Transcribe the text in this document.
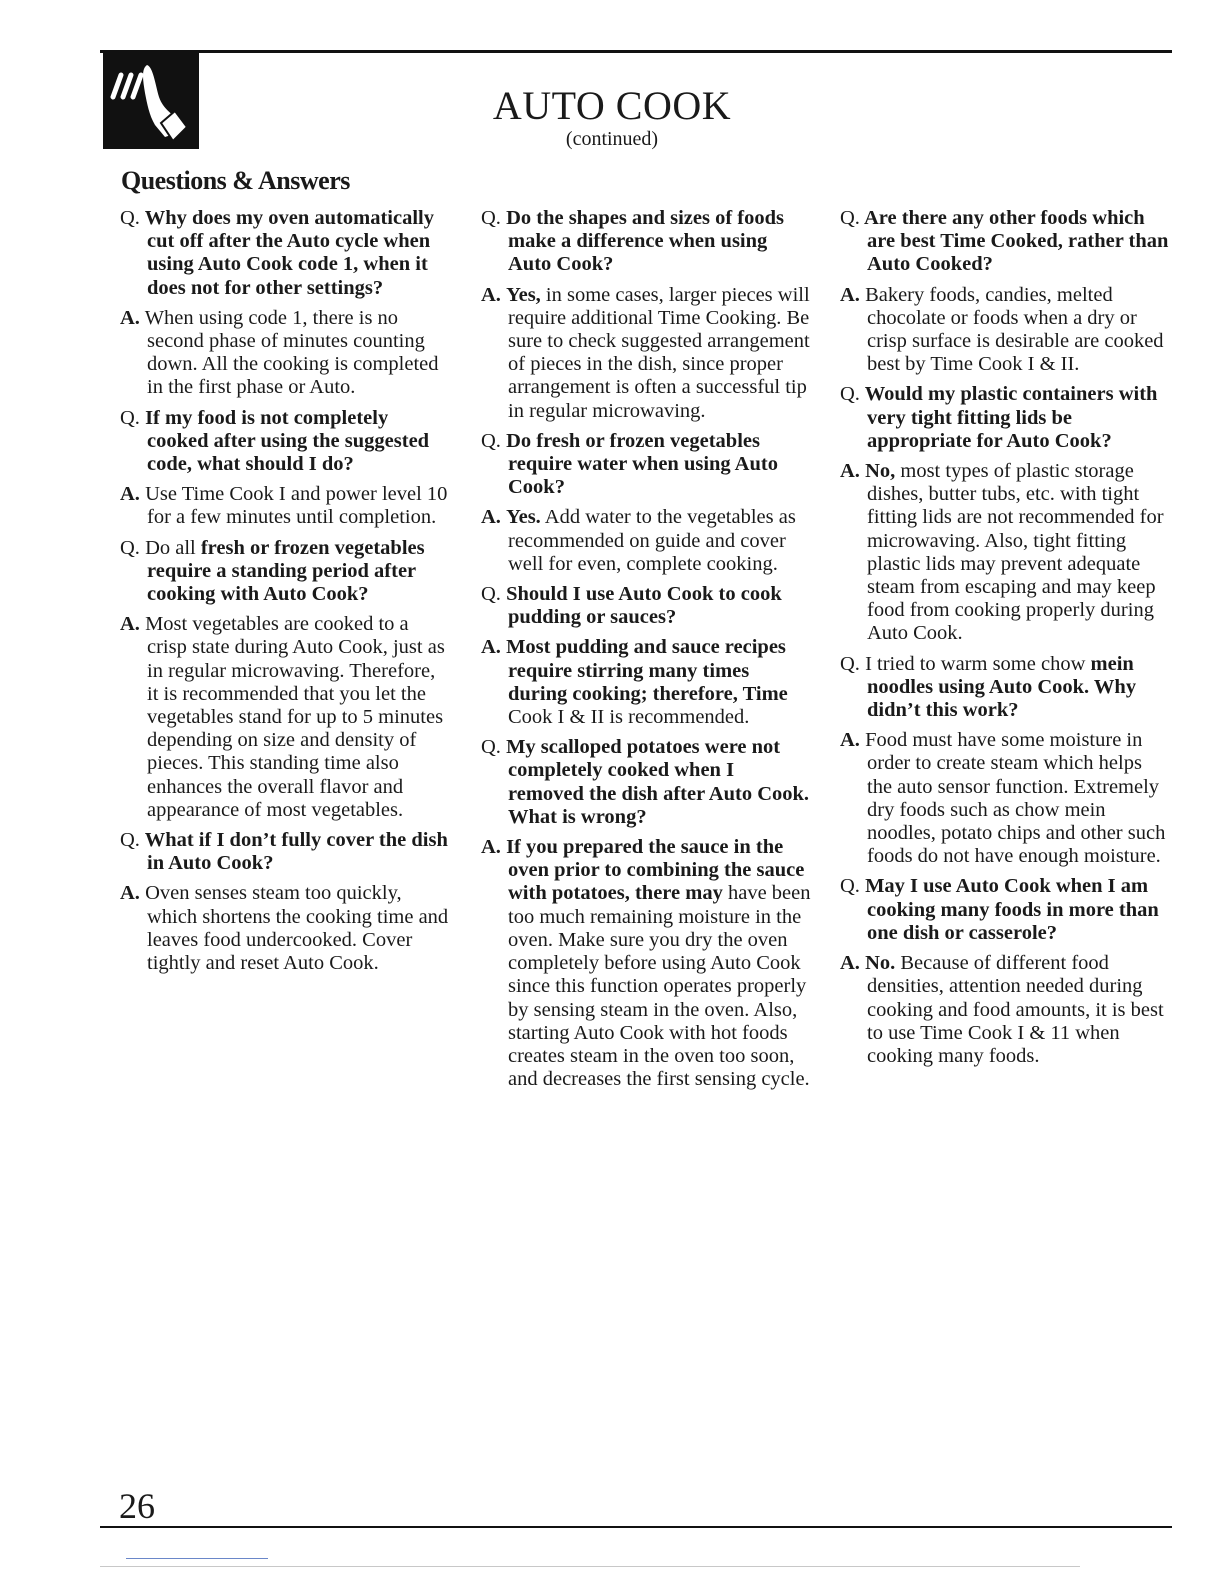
AUTO COOK
(continued)
Questions & Answers

Q. Why does my oven automatically cut off after the Auto cycle when using Auto Cook code 1, when it does not for other settings?

A. When using code 1, there is no second phase of minutes counting down. All the cooking is completed in the first phase or Auto.

Q. If my food is not completely cooked after using the suggested code, what should I do?

A. Use Time Cook I and power level 10 for a few minutes until completion.

Q. Do all fresh or frozen vegetables require a standing period after cooking with Auto Cook?

A. Most vegetables are cooked to a crisp state during Auto Cook, just as in regular microwaving. Therefore, it is recommended that you let the vegetables stand for up to 5 minutes depending on size and density of pieces. This standing time also enhances the overall flavor and appearance of most vegetables.

Q. What if I don’t fully cover the dish in Auto Cook?

A. Oven senses steam too quickly, which shortens the cooking time and leaves food undercooked. Cover tightly and reset Auto Cook.

Q. Do the shapes and sizes of foods make a difference when using Auto Cook?

A. Yes, in some cases, larger pieces will require additional Time Cooking. Be sure to check suggested arrangement of pieces in the dish, since proper arrangement is often a successful tip in regular microwaving.

Q. Do fresh or frozen vegetables require water when using Auto Cook?

A. Yes. Add water to the vegetables as recommended on guide and cover well for even, complete cooking.

Q. Should I use Auto Cook to cook pudding or sauces?

A. Most pudding and sauce recipes require stirring many times during cooking; therefore, Time Cook I & II is recommended.

Q. My scalloped potatoes were not completely cooked when I removed the dish after Auto Cook. What is wrong?

A. If you prepared the sauce in the oven prior to combining the sauce with potatoes, there may have been too much remaining moisture in the oven. Make sure you dry the oven completely before using Auto Cook since this function operates properly by sensing steam in the oven. Also, starting Auto Cook with hot foods creates steam in the oven too soon, and decreases the first sensing cycle.

Q. Are there any other foods which are best Time Cooked, rather than Auto Cooked?

A. Bakery foods, candies, melted chocolate or foods when a dry or crisp surface is desirable are cooked best by Time Cook I & II.

Q. Would my plastic containers with very tight fitting lids be appropriate for Auto Cook?

A. No, most types of plastic storage dishes, butter tubs, etc. with tight fitting lids are not recommended for microwaving. Also, tight fitting plastic lids may prevent adequate steam from escaping and may keep food from cooking properly during Auto Cook.

Q. I tried to warm some chow mein noodles using Auto Cook. Why didn’t this work?

A. Food must have some moisture in order to create steam which helps the auto sensor function. Extremely dry foods such as chow mein noodles, potato chips and other such foods do not have enough moisture.

Q. May I use Auto Cook when I am cooking many foods in more than one dish or casserole?

A. No. Because of different food densities, attention needed during cooking and food amounts, it is best to use Time Cook I & 11 when cooking many foods.

26
